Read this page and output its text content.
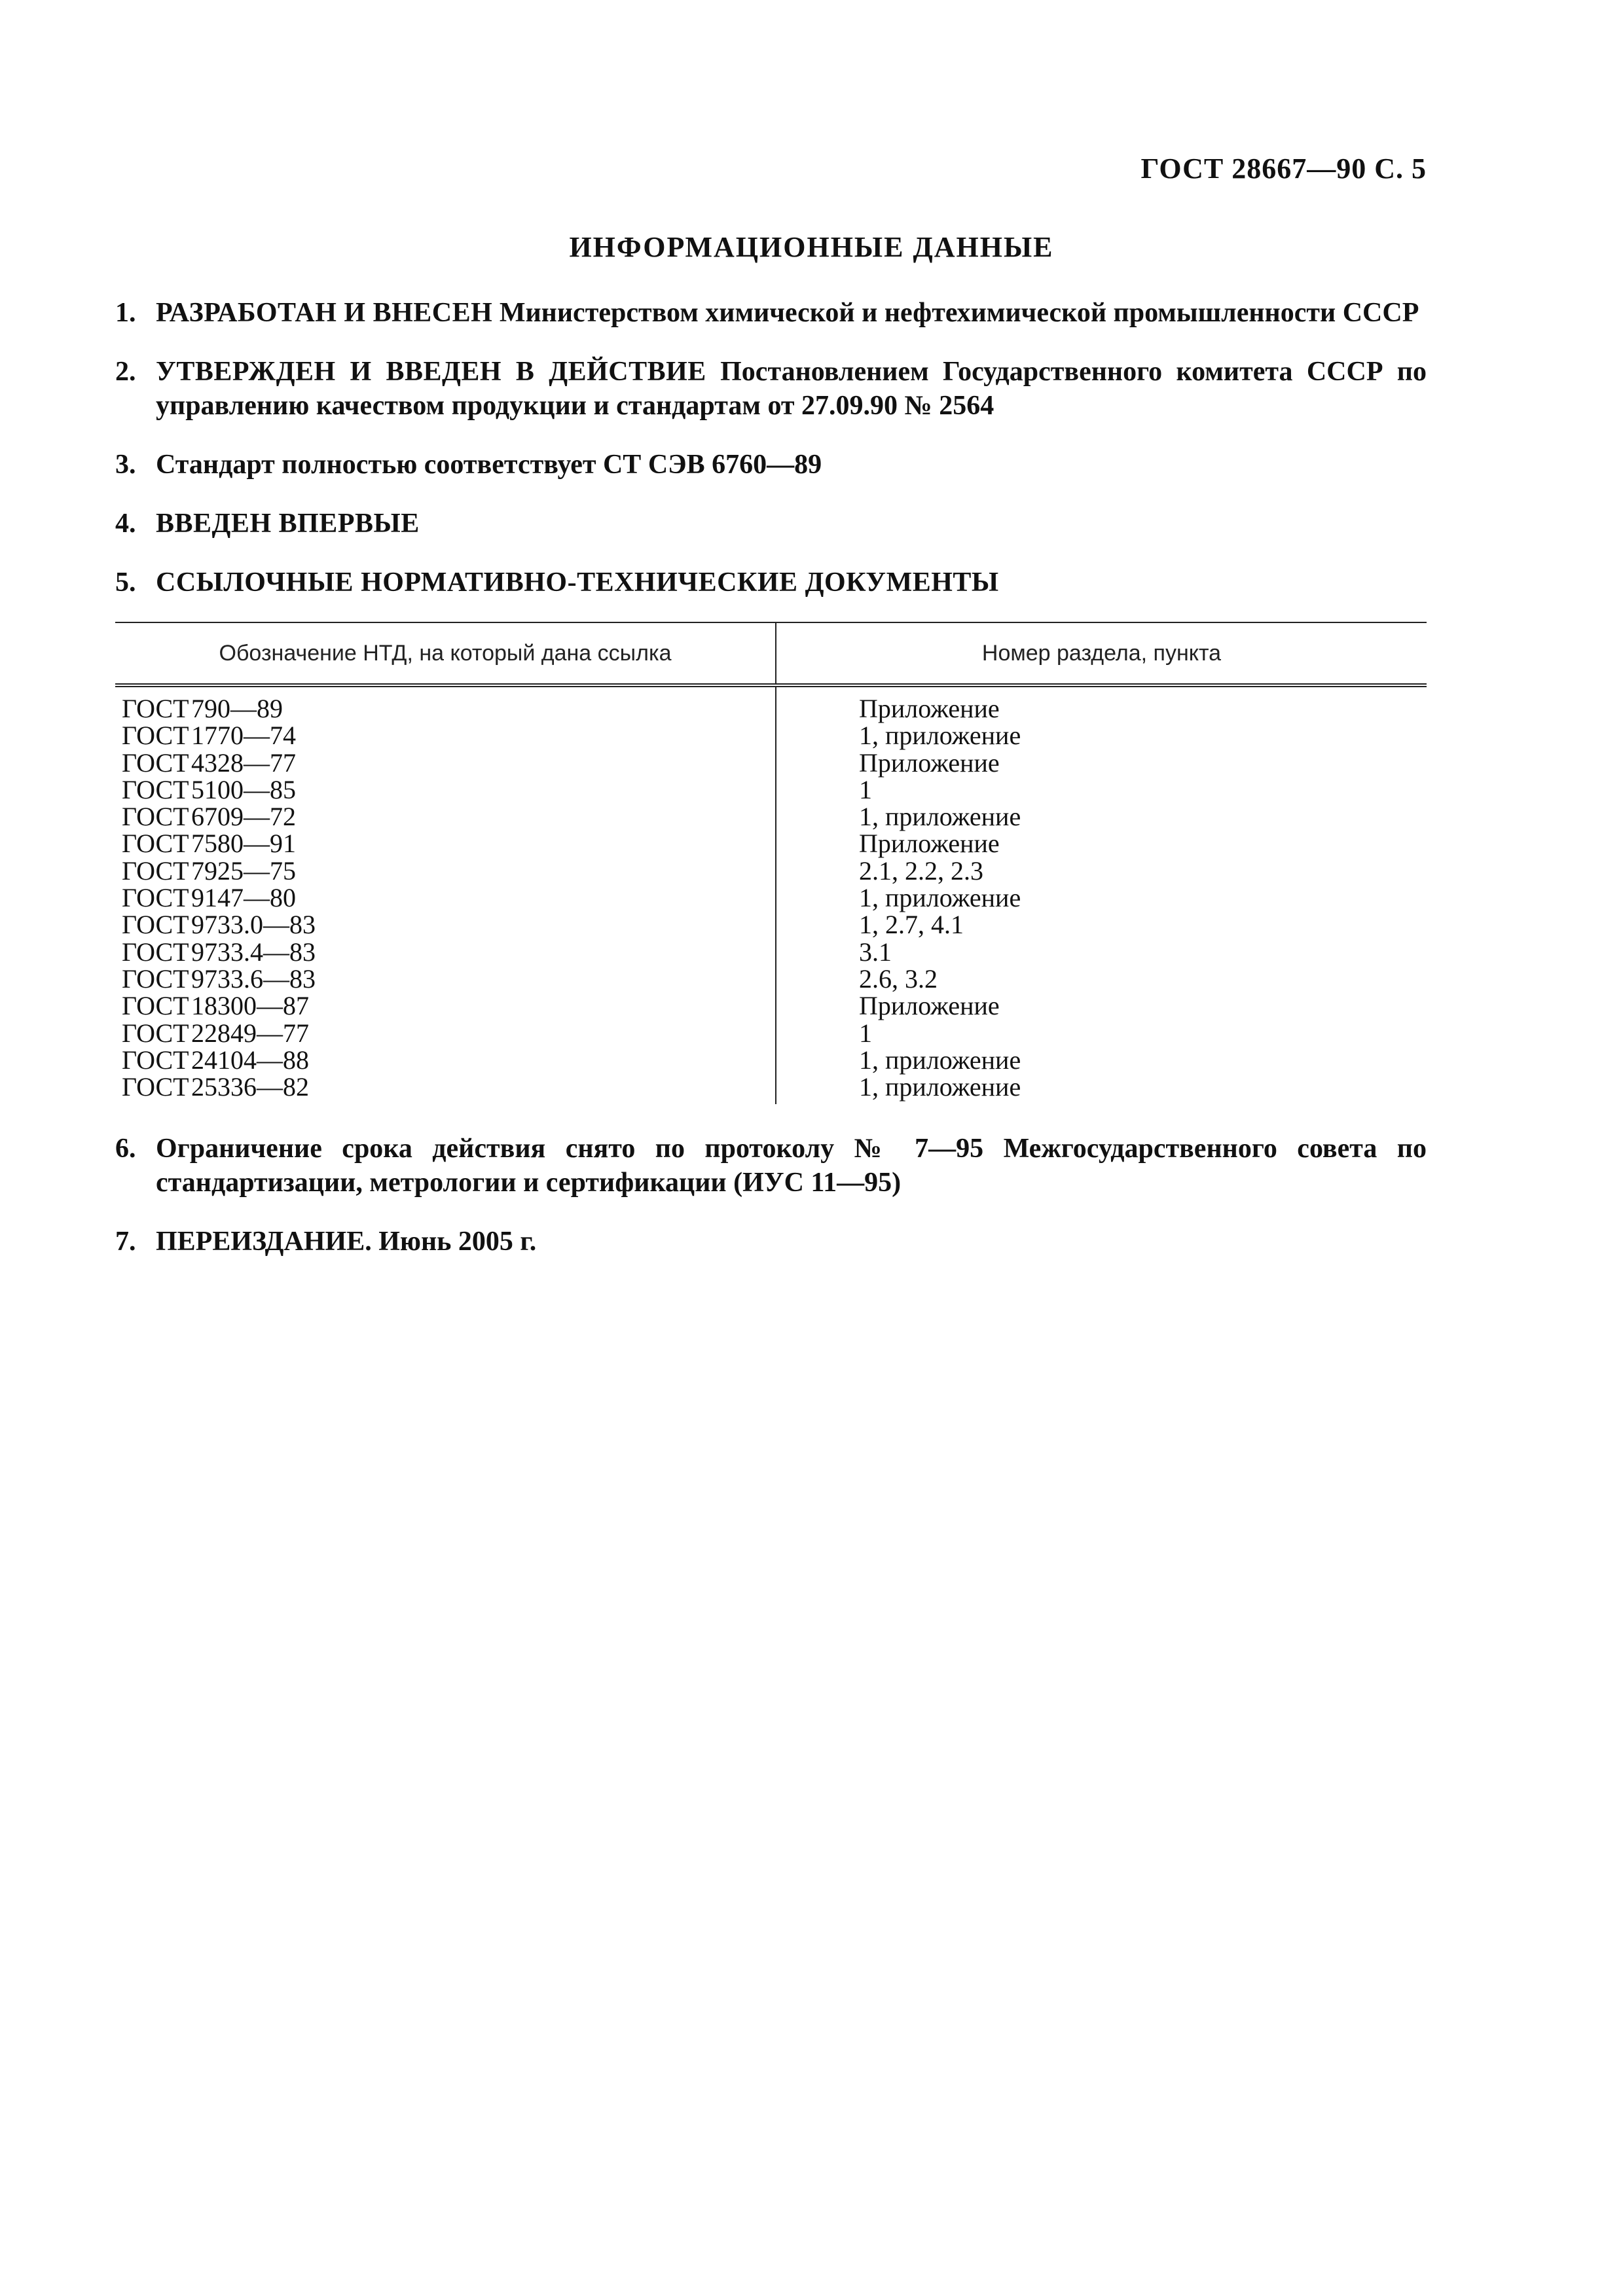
ГОСТ 28667—90 С. 5
ИНФОРМАЦИОННЫЕ ДАННЫЕ
1. РАЗРАБОТАН И ВНЕСЕН Министерством химической и нефтехимической промышленности СССР
2. УТВЕРЖДЕН И ВВЕДЕН В ДЕЙСТВИЕ Постановлением Государственного комитета СССР по управлению качеством продукции и стандартам от 27.09.90 № 2564
3. Стандарт полностью соответствует СТ СЭВ 6760—89
4. ВВЕДЕН ВПЕРВЫЕ
5. ССЫЛОЧНЫЕ НОРМАТИВНО-ТЕХНИЧЕСКИЕ ДОКУМЕНТЫ
Обозначение НТД, на который дана ссылка	Номер раздела, пункта
ГОСТ790—89	Приложение
ГОСТ1770—74	1, приложение
ГОСТ4328—77	Приложение
ГОСТ5100—85	1
ГОСТ6709—72	1, приложение
ГОСТ7580—91	Приложение
ГОСТ7925—75	2.1, 2.2, 2.3
ГОСТ9147—80	1, приложение
ГОСТ9733.0—83	1, 2.7, 4.1
ГОСТ9733.4—83	3.1
ГОСТ9733.6—83	2.6, 3.2
ГОСТ18300—87	Приложение
ГОСТ22849—77	1
ГОСТ24104—88	1, приложение
ГОСТ25336—82	1, приложение
6. Ограничение срока действия снято по протоколу № 7—95 Межгосударственного совета по стандартизации, метрологии и сертификации (ИУС 11—95)
7. ПЕРЕИЗДАНИЕ. Июнь 2005 г.
